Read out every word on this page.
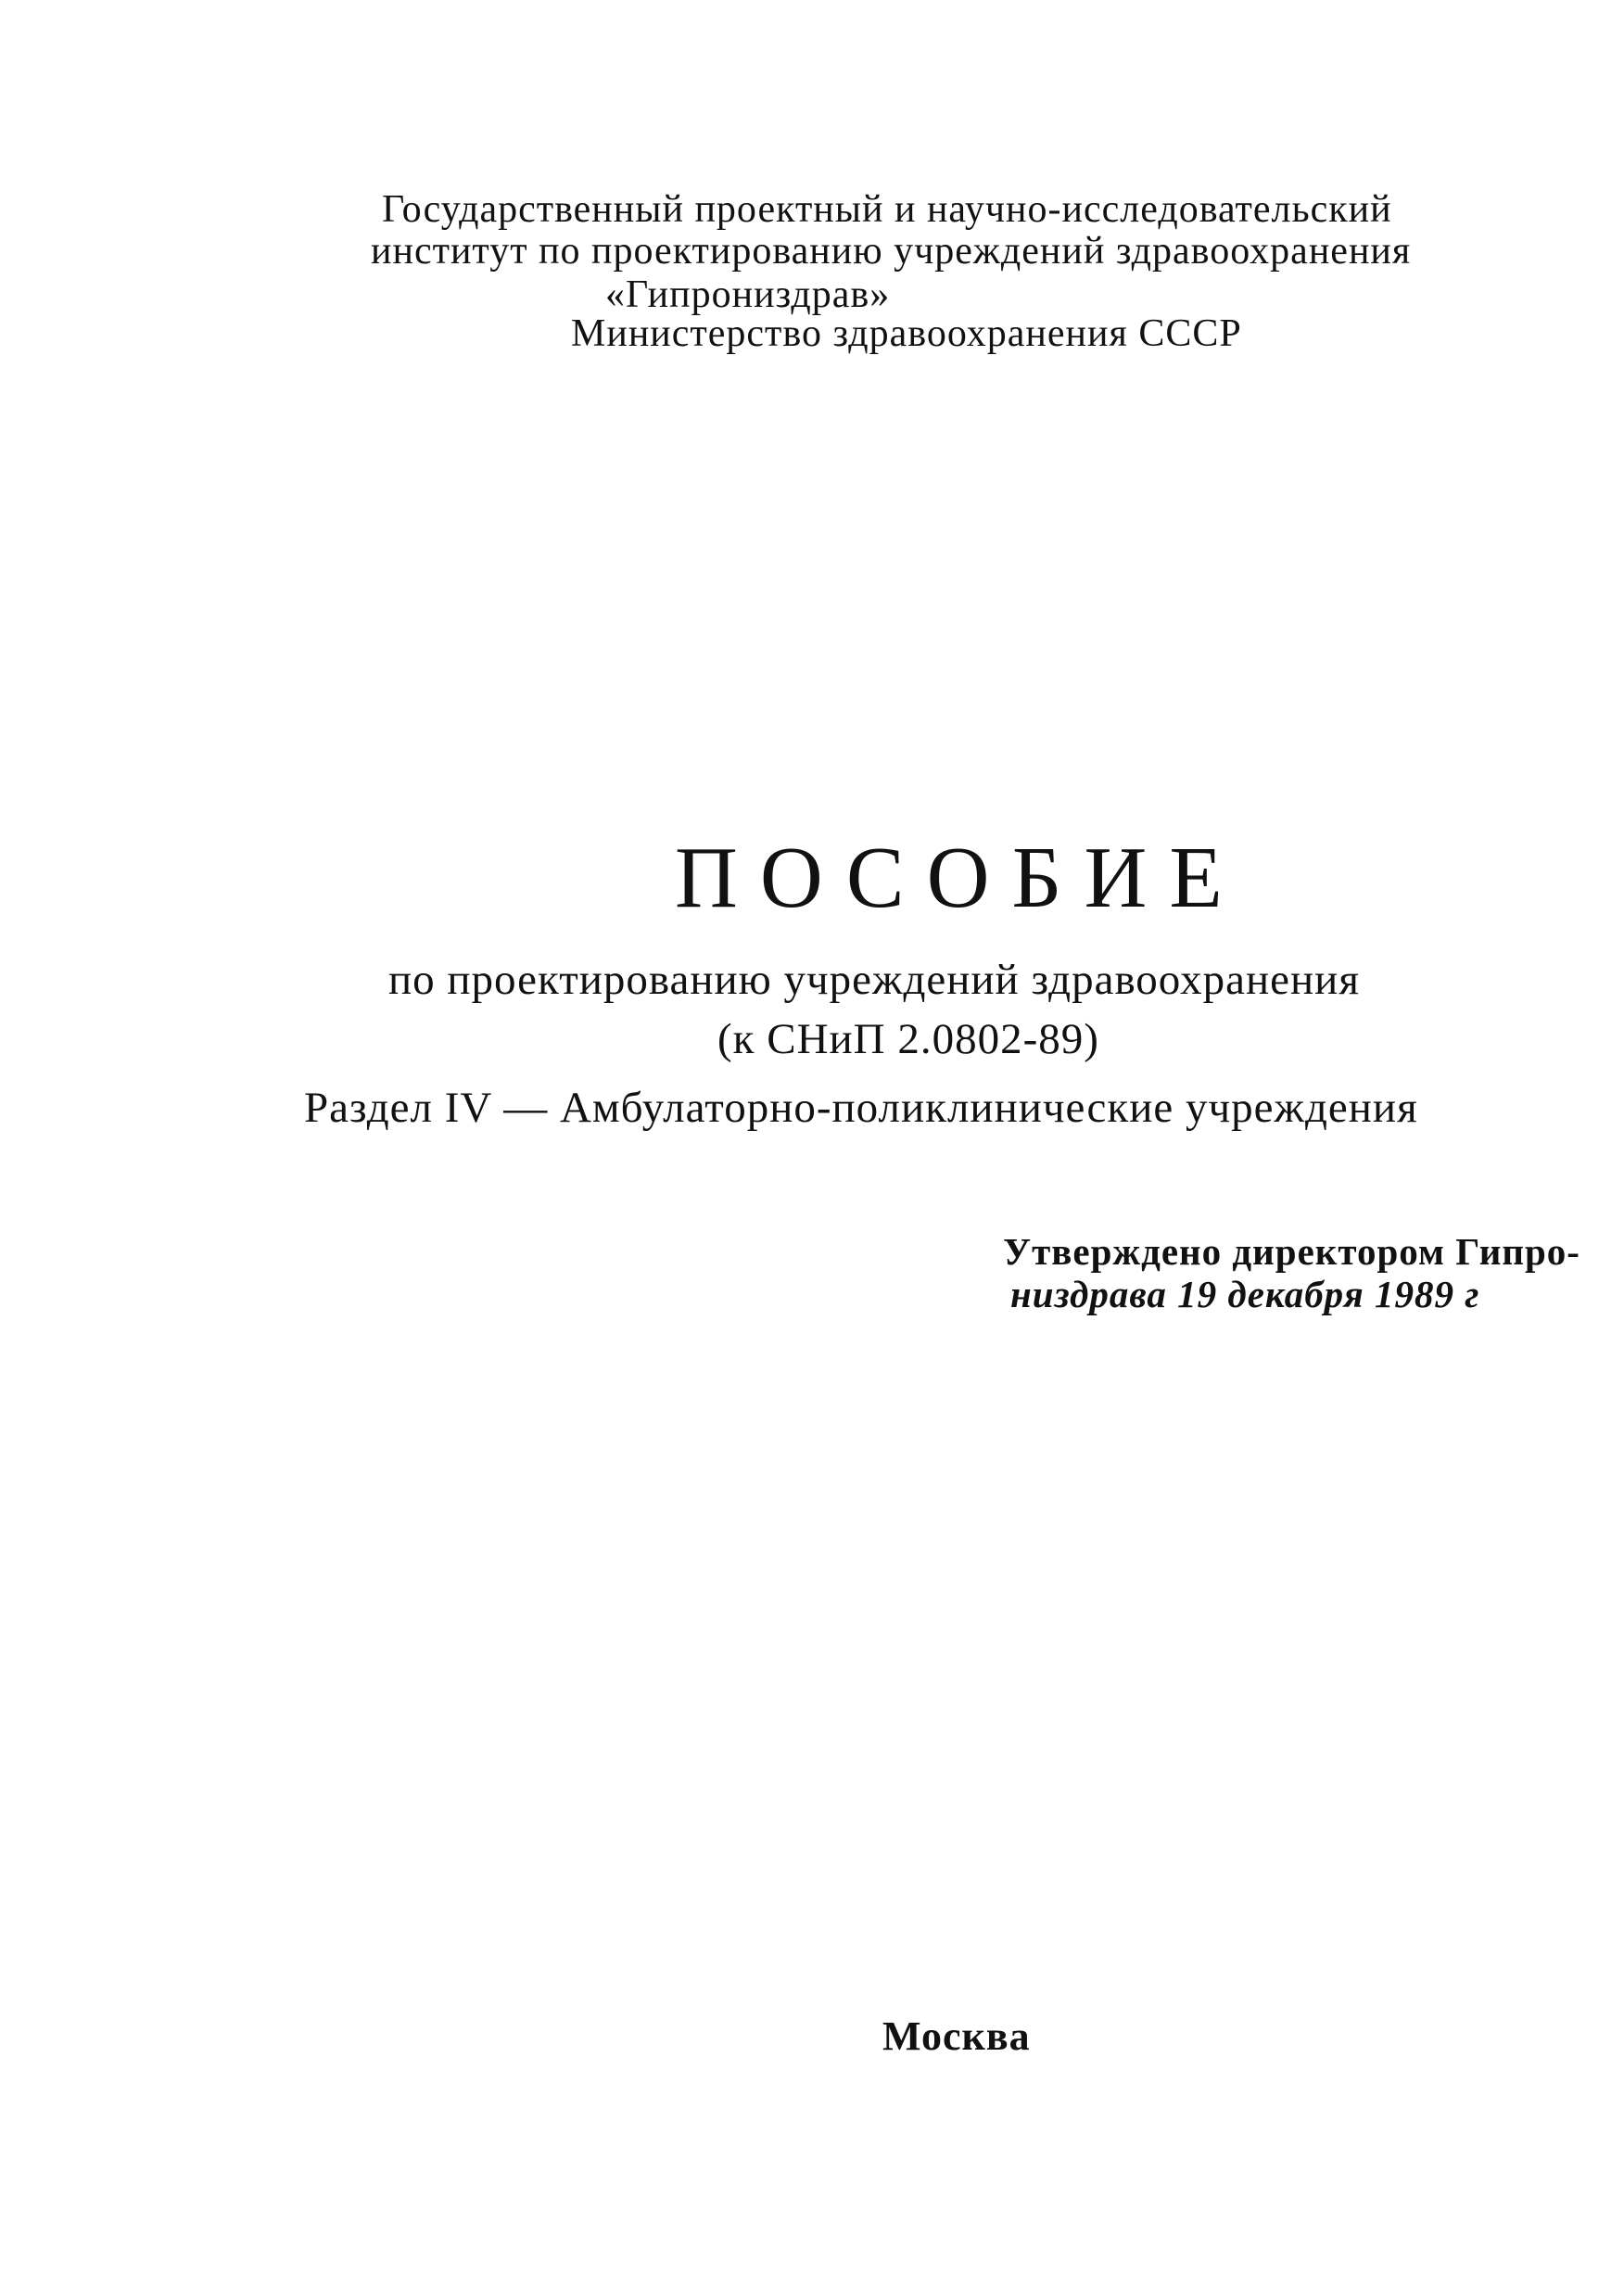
Государственный проектный и научно-исследовательский
институт по проектированию учреждений здравоохранения
«Гипрониздрав»
Министерство здравоохранения СССР
ПОСОБИЕ
по проектированию учреждений здравоохранения
(к СНиП 2.0802-89)
Раздел IV — Амбулаторно-поликлинические учреждения
Утверждено директором Гипро-
низдрава 19 декабря 1989 г
Москва
